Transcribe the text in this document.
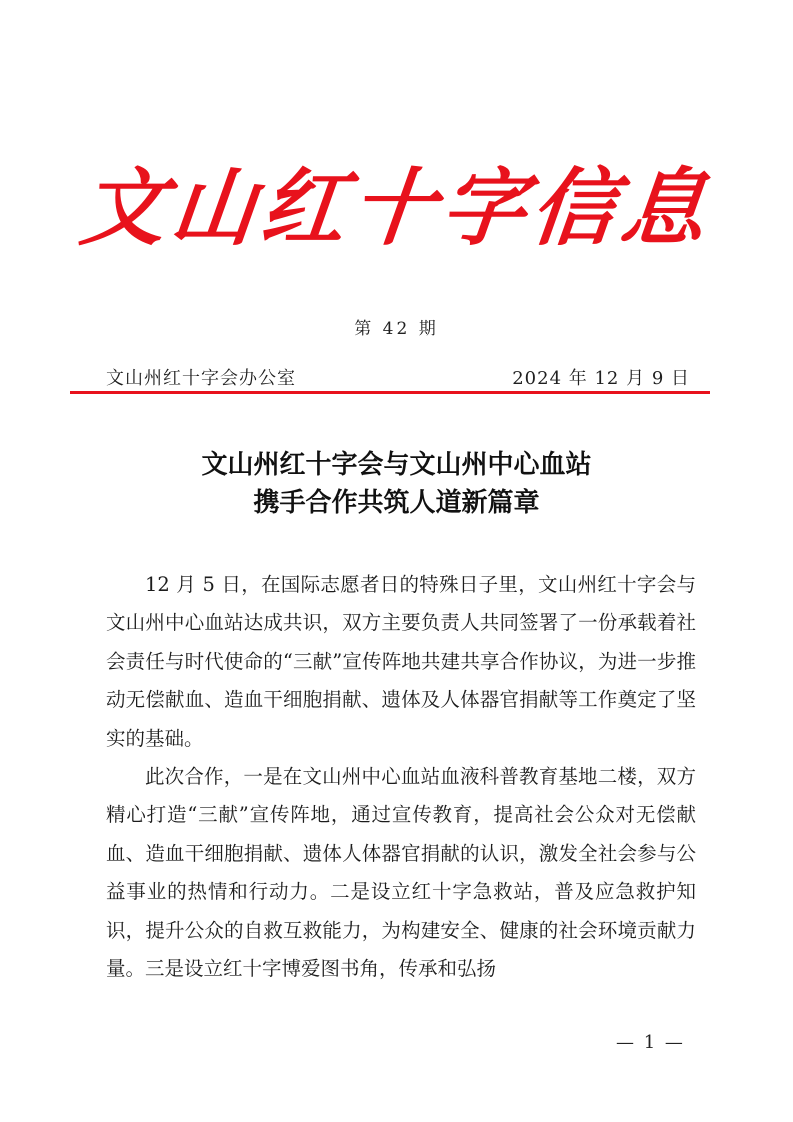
文山红十字信息
第 42 期
文山州红十字会办公室	2024 年 12 月 9 日
文山州红十字会与文山州中心血站
携手合作共筑人道新篇章

12 月 5 日，在国际志愿者日的特殊日子里，文山州红十字会与文山州中心血站达成共识，双方主要负责人共同签署了一份承载着社会责任与时代使命的“三献”宣传阵地共建共享合作协议，为进一步推动无偿献血、造血干细胞捐献、遗体及人体器官捐献等工作奠定了坚实的基础。

此次合作，一是在文山州中心血站血液科普教育基地二楼，双方精心打造“三献”宣传阵地，通过宣传教育，提高社会公众对无偿献血、造血干细胞捐献、遗体人体器官捐献的认识，激发全社会参与公益事业的热情和行动力。二是设立红十字急救站，普及应急救护知识，提升公众的自救互救能力，为构建安全、健康的社会环境贡献力量。三是设立红十字博爱图书角，传承和弘扬

— 1 —
